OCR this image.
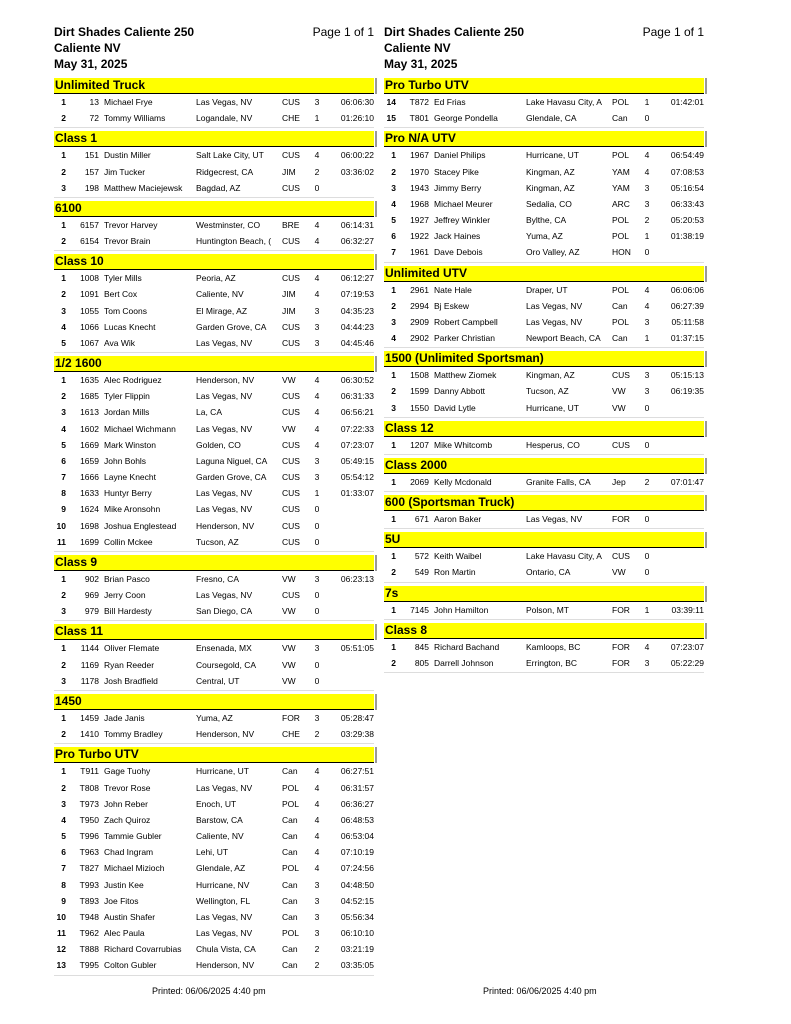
Dirt Shades Caliente 250	Page 1 of 1
Caliente NV
May 31, 2025
Unlimited Truck
1	13 Michael Frye	Las Vegas, NV	CUS	3	06:06:30
2	72 Tommy Williams	Logandale, NV	CHE	1	01:26:10
Class 1
1	151 Dustin Miller	Salt Lake City, UT	CUS	4	06:00:22
2	157 Jim Tucker	Ridgecrest, CA	JIM	2	03:36:02
3	198 Matthew Maciejewsk	Bagdad, AZ	CUS	0
6100
1	6157 Trevor Harvey	Westminster, CO	BRE	4	06:14:31
2	6154 Trevor Brain	Huntington Beach, (	CUS	4	06:32:27
Class 10
1	1008 Tyler Mills	Peoria, AZ	CUS	4	06:12:27
2	1091 Bert Cox	Caliente, NV	JIM	4	07:19:53
3	1055 Tom Coons	El Mirage, AZ	JIM	3	04:35:23
4	1066 Lucas Knecht	Garden Grove, CA	CUS	3	04:44:23
5	1067 Ava Wik	Las Vegas, NV	CUS	3	04:45:46
1/2 1600
1	1635 Alec Rodriguez	Henderson, NV	VW	4	06:30:52
2	1685 Tyler Flippin	Las Vegas, NV	CUS	4	06:31:33
3	1613 Jordan Mills	La, CA	CUS	4	06:56:21
4	1602 Michael Wichmann	Las Vegas, NV	VW	4	07:22:33
5	1669 Mark Winston	Golden, CO	CUS	4	07:23:07
6	1659 John Bohls	Laguna Niguel, CA	CUS	3	05:49:15
7	1666 Layne Knecht	Garden Grove, CA	CUS	3	05:54:12
8	1633 Huntyr Berry	Las Vegas, NV	CUS	1	01:33:07
9	1624 Mike Aronsohn	Las Vegas, NV	CUS	0
10	1698 Joshua Englestead	Henderson, NV	CUS	0
11	1699 Collin Mckee	Tucson, AZ	CUS	0
Class 9
1	902 Brian Pasco	Fresno, CA	VW	3	06:23:13
2	969 Jerry Coon	Las Vegas, NV	CUS	0
3	979 Bill Hardesty	San Diego, CA	VW	0
Class 11
1	1144 Oliver Flemate	Ensenada, MX	VW	3	05:51:05
2	1169 Ryan Reeder	Coursegold, CA	VW	0
3	1178 Josh Bradfield	Central, UT	VW	0
1450
1	1459 Jade Janis	Yuma, AZ	FOR	3	05:28:47
2	1410 Tommy Bradley	Henderson, NV	CHE	2	03:29:38
Pro Turbo UTV
1	T911 Gage Tuohy	Hurricane, UT	Can	4	06:27:51
2	T808 Trevor Rose	Las Vegas, NV	POL	4	06:31:57
3	T973 John Reber	Enoch, UT	POL	4	06:36:27
4	T950 Zach Quiroz	Barstow, CA	Can	4	06:48:53
5	T996 Tammie Gubler	Caliente, NV	Can	4	06:53:04
6	T963 Chad Ingram	Lehi, UT	Can	4	07:10:19
7	T827 Michael Mizioch	Glendale, AZ	POL	4	07:24:56
8	T993 Justin Kee	Hurricane, NV	Can	3	04:48:50
9	T893 Joe Fitos	Wellington, FL	Can	3	04:52:15
10	T948 Austin Shafer	Las Vegas, NV	Can	3	05:56:34
11	T962 Alec Paula	Las Vegas, NV	POL	3	06:10:10
12	T888 Richard Covarrubias	Chula Vista, CA	Can	2	03:21:19
13	T995 Colton Gubler	Henderson, NV	Can	2	03:35:05
Dirt Shades Caliente 250	Page 1 of 1
Caliente NV
May 31, 2025
Pro Turbo UTV
14	T872 Ed Frias	Lake Havasu City, A	POL	1	01:42:01
15	T801 George Pondella	Glendale, CA	Can	0
Pro N/A UTV
1	1967 Daniel Philips	Hurricane, UT	POL	4	06:54:49
2	1970 Stacey Pike	Kingman, AZ	YAM	4	07:08:53
3	1943 Jimmy Berry	Kingman, AZ	YAM	3	05:16:54
4	1968 Michael Meurer	Sedalia, CO	ARC	3	06:33:43
5	1927 Jeffrey Winkler	Bylthe, CA	POL	2	05:20:53
6	1922 Jack Haines	Yuma, AZ	POL	1	01:38:19
7	1961 Dave Debois	Oro Valley, AZ	HON	0
Unlimited UTV
1	2961 Nate Hale	Draper, UT	POL	4	06:06:06
2	2994 Bj Eskew	Las Vegas, NV	Can	4	06:27:39
3	2909 Robert Campbell	Las Vegas, NV	POL	3	05:11:58
4	2902 Parker Christian	Newport Beach, CA	Can	1	01:37:15
1500 (Unlimited Sportsman)
1	1508 Matthew Ziomek	Kingman, AZ	CUS	3	05:15:13
2	1599 Danny Abbott	Tucson, AZ	VW	3	06:19:35
3	1550 David Lytle	Hurricane, UT	VW	0
Class 12
1	1207 Mike Whitcomb	Hesperus, CO	CUS	0
Class 2000
1	2069 Kelly Mcdonald	Granite Falls, CA	Jep	2	07:01:47
600 (Sportsman Truck)
1	671 Aaron Baker	Las Vegas, NV	FOR	0
5U
1	572 Keith Waibel	Lake Havasu City, A	CUS	0
2	549 Ron Martin	Ontario, CA	VW	0
7s
1	7145 John Hamilton	Polson, MT	FOR	1	03:39:11
Class 8
1	845 Richard Bachand	Kamloops, BC	FOR	4	07:23:07
2	805 Darrell Johnson	Errington, BC	FOR	3	05:22:29
Printed: 06/06/2025 4:40 pm	Printed: 06/06/2025 4:40 pm
